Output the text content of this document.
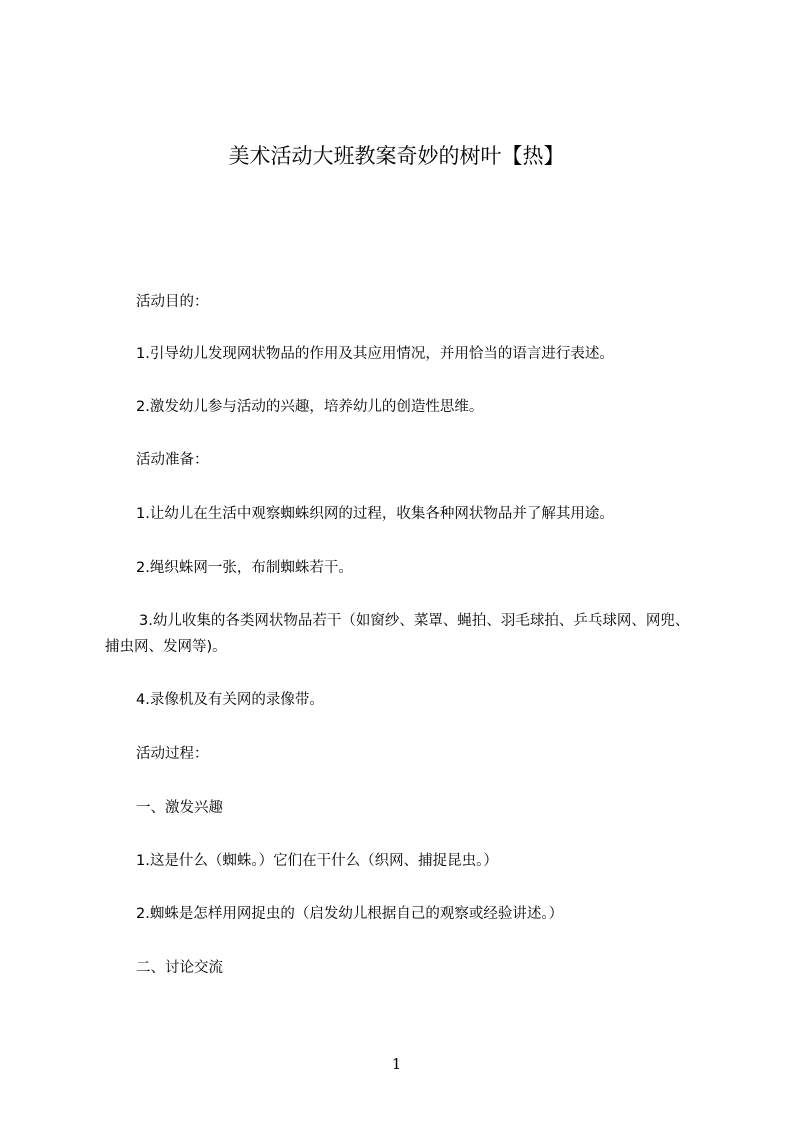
美术活动大班教案奇妙的树叶【热】

活动目的：

1.引导幼儿发现网状物品的作用及其应用情况，并用恰当的语言进行表述。

2.激发幼儿参与活动的兴趣，培养幼儿的创造性思维。

活动准备：

1.让幼儿在生活中观察蜘蛛织网的过程，收集各种网状物品并了解其用途。

2.绳织蛛网一张，布制蜘蛛若干。

3.幼儿收集的各类网状物品若干（如窗纱、菜罩、蝇拍、羽毛球拍、乒乓球网、网兜、捕虫网、发网等)。

4.录像机及有关网的录像带。

活动过程：

一、激发兴趣

1.这是什么（蜘蛛。）它们在干什么（织网、捕捉昆虫。）

2.蜘蛛是怎样用网捉虫的（启发幼儿根据自己的观察或经验讲述。）

二、讨论交流

1
